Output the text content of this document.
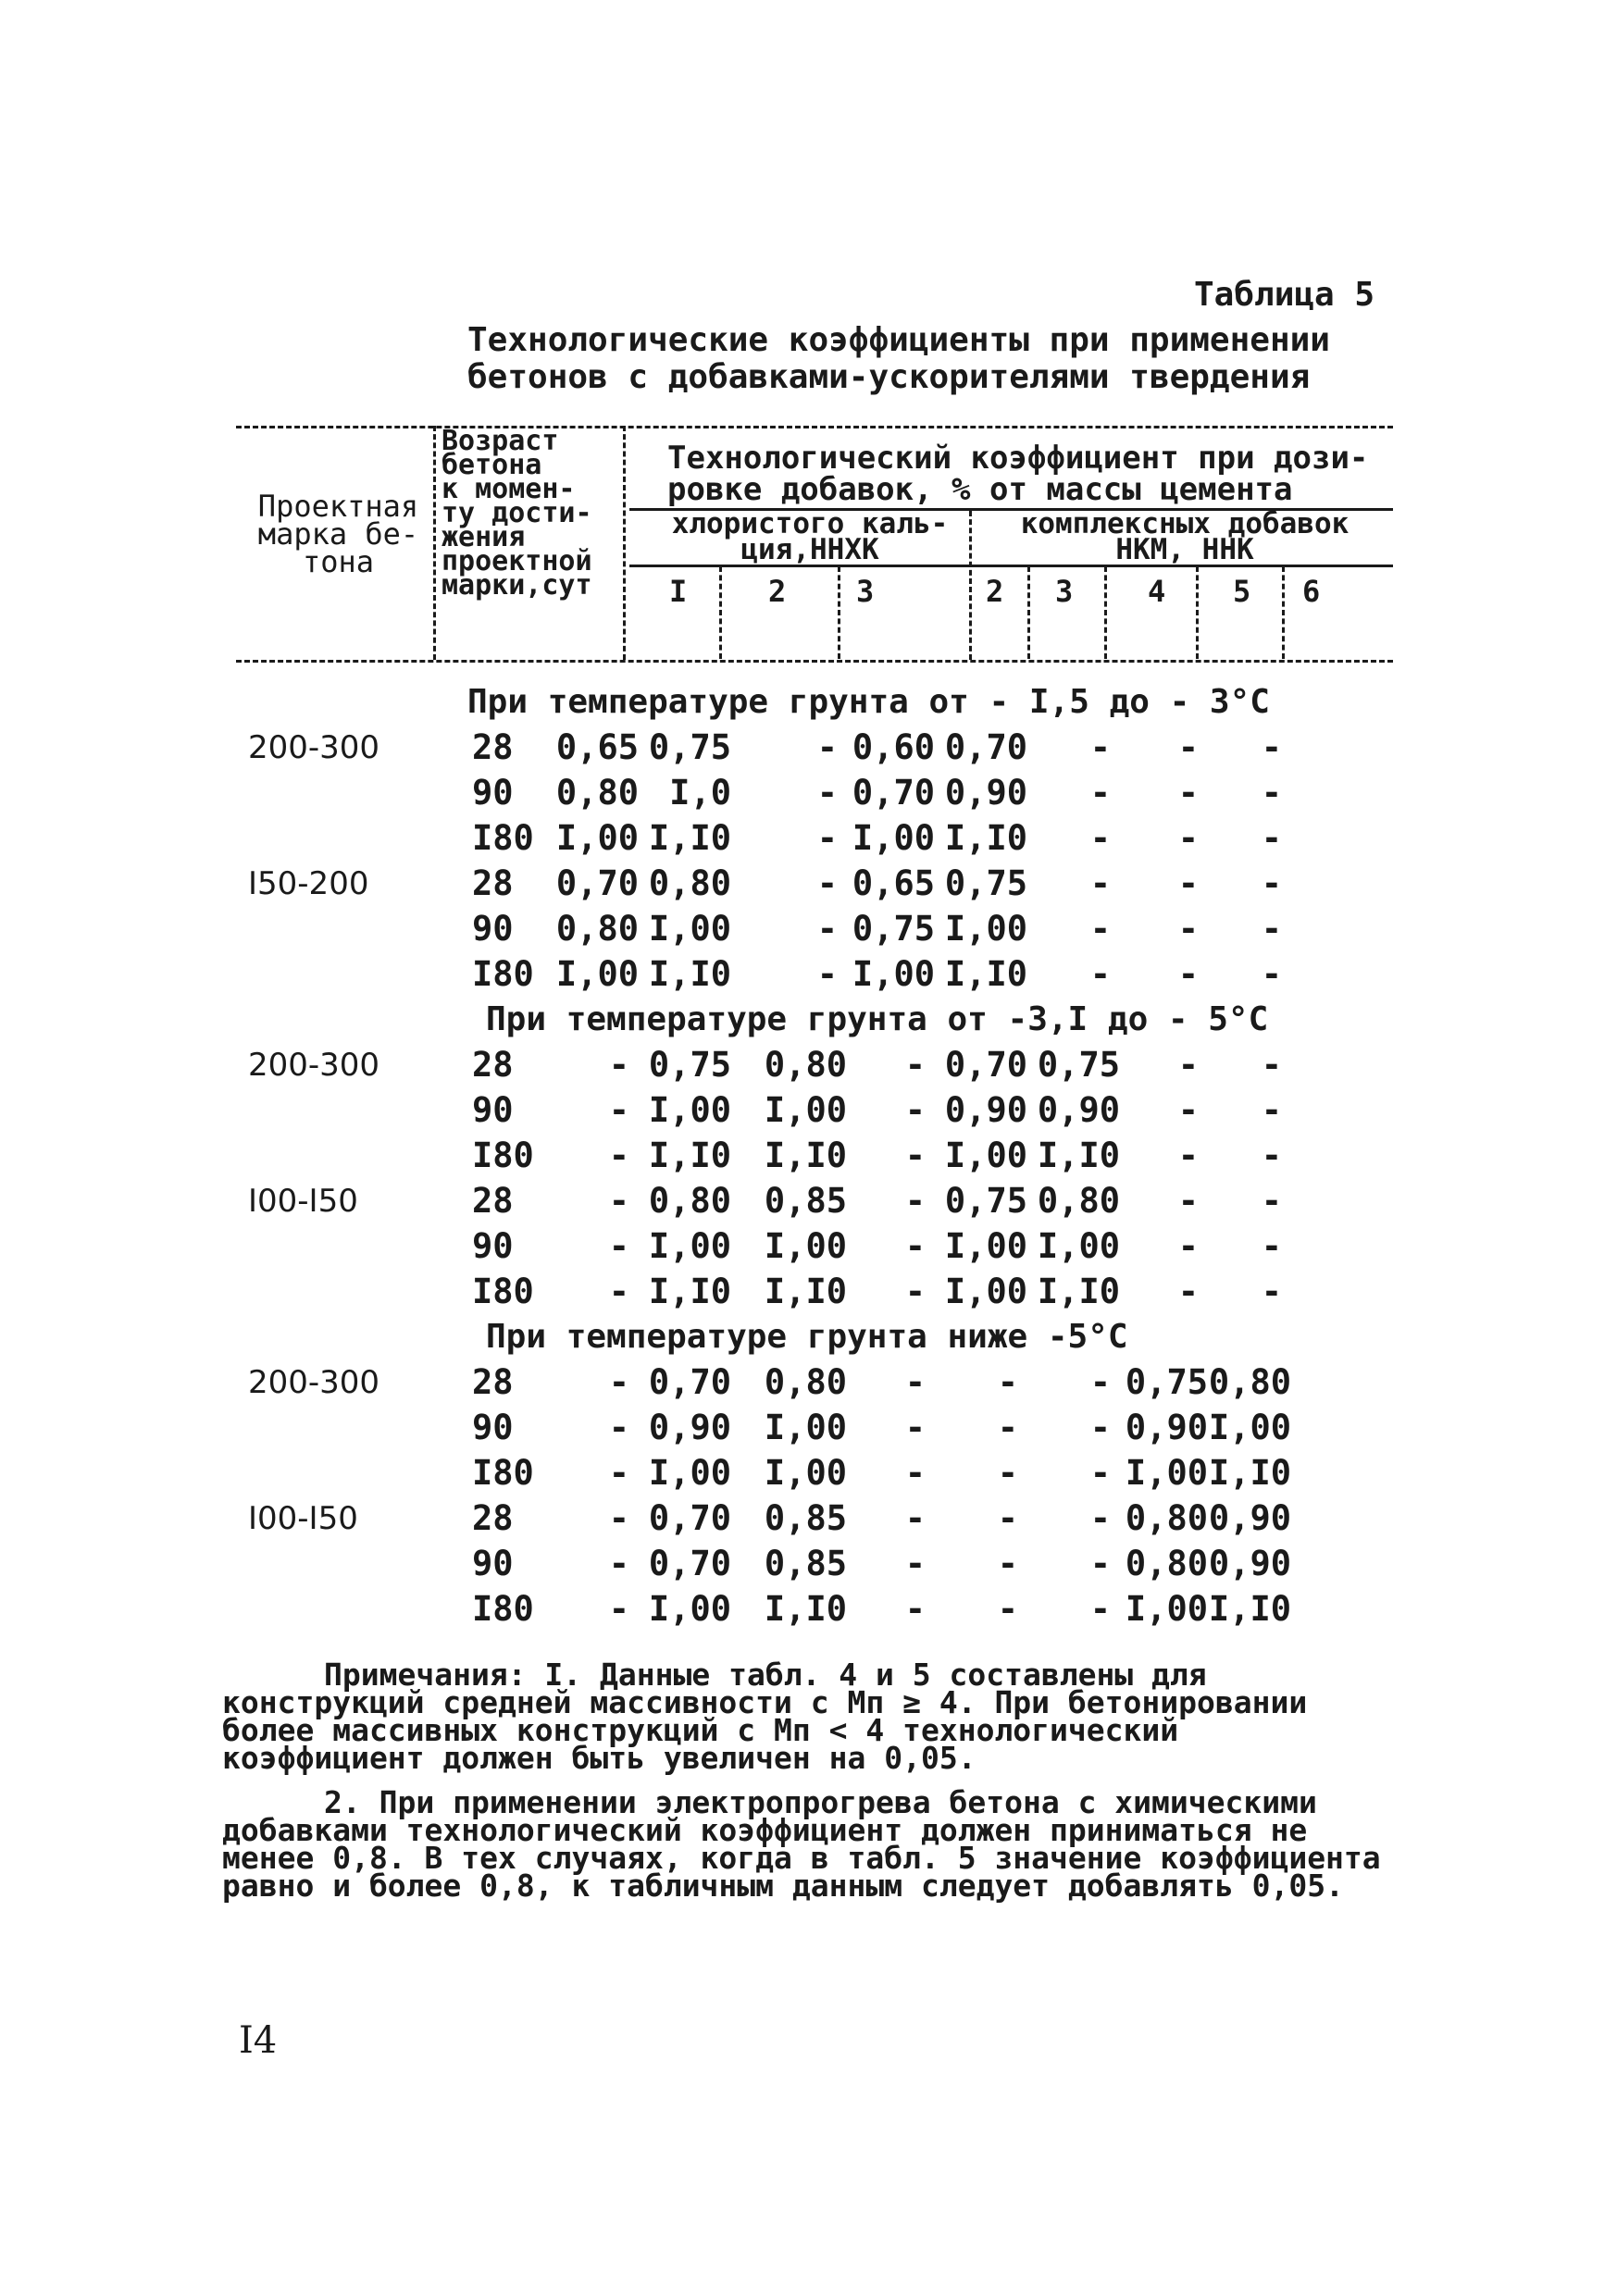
Таблица 5
Технологические коэффициенты при применении
бетонов с добавками-ускорителями твердения
Проектная
марка бе-
тона
Возраст
бетона
к момен-
ту дости-
жения
проектной
марки,сут
Технологический коэффициент при дози-
ровке добавок, % от массы цемента
хлористого каль-
ция,ННХК
комплексных добавок
НКМ, ННК
I	2 3	2 3	4 5 6
При температуре грунта от - I,5 до - 3°С
200-300	28 0,65 0,75	- 0,60 0,70	-	-	-
90 0,80 I,0	- 0,70 0,90	-	-	-
I80 I,00 I,I0	- I,00 I,I0	-	-	-
I50-200	28 0,70 0,80	- 0,65 0,75	-	-	-
90 0,80 I,00	- 0,75 I,00	-	-	-
I80 I,00 I,I0	- I,00 I,I0	-	-	-
При температуре грунта от -3,I до - 5°С
200-300	28	- 0,75 0,80	- 0,70 0,75	-	-
90	- I,00 I,00	- 0,90 0,90	-	-
I80	- I,I0 I,I0	- I,00 I,I0	-	-
I00-I50	28	- 0,80 0,85	- 0,75 0,80	-	-
90	- I,00 I,00	- I,00 I,00	-	-
I80	- I,I0 I,I0	- I,00 I,I0	-	-
При температуре грунта ниже -5°С
200-300	28	- 0,70 0,80	-	-	- 0,75 0,80
90	- 0,90 I,00	-	-	- 0,90 I,00
I80	- I,00 I,00	-	-	- I,00 I,I0
I00-I50	28	- 0,70 0,85	-	-	- 0,80 0,90
90	- 0,70 0,85	-	-	- 0,80 0,90
I80	- I,00 I,I0	-	-	- I,00 I,I0

Примечания: I. Данные табл. 4 и 5 составлены для конструкций средней массивности с Mп ≥ 4. При бетонировании более массивных конструкций с Mп < 4 технологический коэффициент должен быть увеличен на 0,05.

2. При применении электропрогрева бетона с химическими добавками технологический коэффициент должен приниматься не менее 0,8. В тех случаях, когда в табл. 5 значение коэффициента равно и более 0,8, к табличным данным следует добавлять 0,05.

I4
